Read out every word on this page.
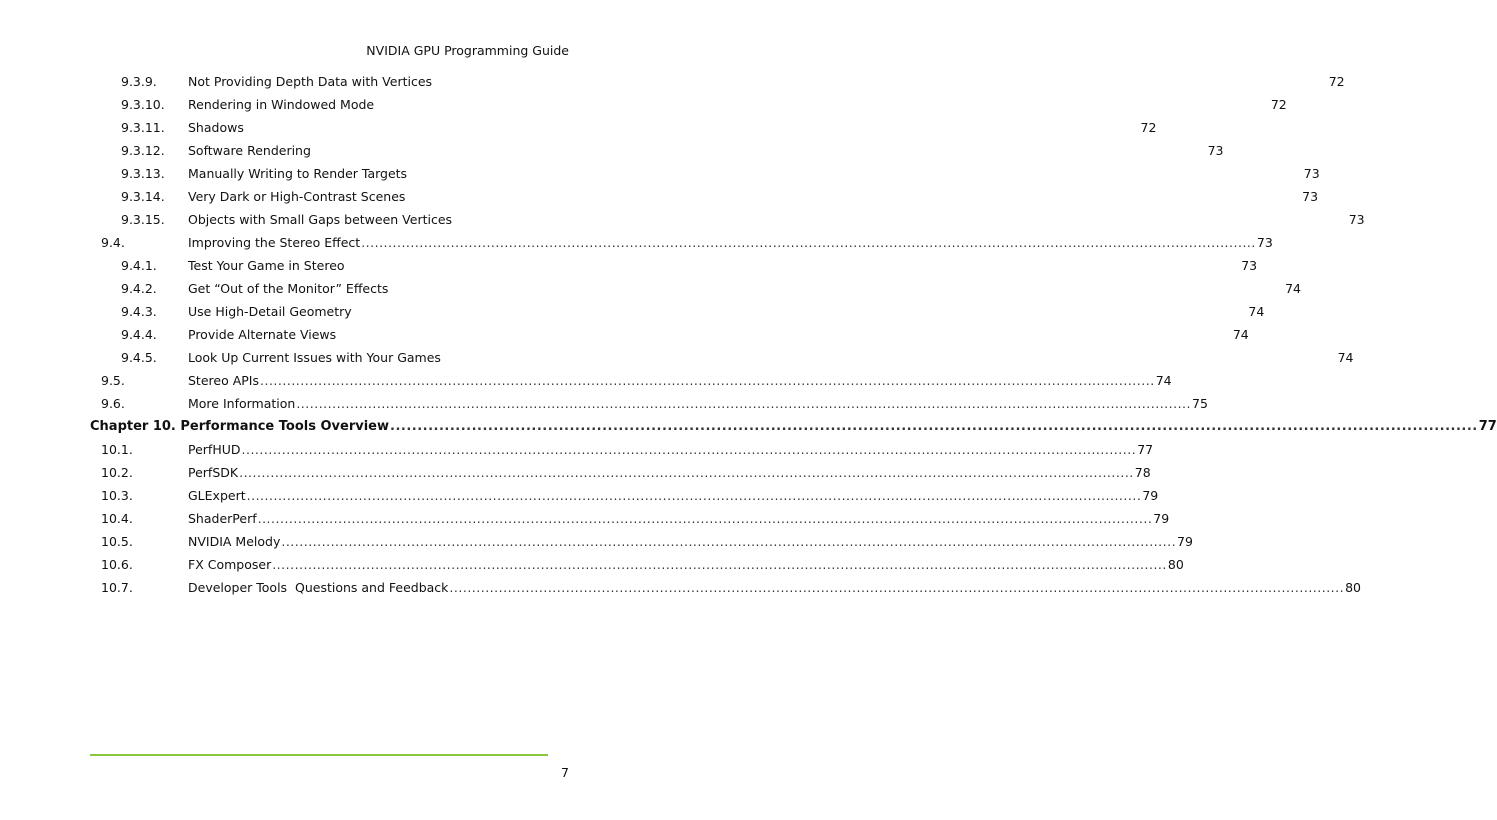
NVIDIA GPU Programming Guide
9.3.9. Not Providing Depth Data with Vertices	72
9.3.10. Rendering in Windowed Mode	72
9.3.11. Shadows	72
9.3.12. Software Rendering	73
9.3.13. Manually Writing to Render Targets	73
9.3.14. Very Dark or High-Contrast Scenes	73
9.3.15. Objects with Small Gaps between Vertices	73
9.4.	Improving the Stereo Effect ........................................................................................................................................................................................................ 73
9.4.1. Test Your Game in Stereo	73
9.4.2. Get “Out of the Monitor” Effects	74
9.4.3. Use High-Detail Geometry	74
9.4.4. Provide Alternate Views	74
9.4.5. Look Up Current Issues with Your Games	74
9.5.	Stereo APIs ........................................................................................................................................................................................................ 74
9.6.	More Information ........................................................................................................................................................................................................ 75
Chapter 10. Performance Tools Overview ........................................................................................................................................................................................................ 77
10.1.	PerfHUD ........................................................................................................................................................................................................ 77
10.2.	PerfSDK ........................................................................................................................................................................................................ 78
10.3.	GLExpert ........................................................................................................................................................................................................ 79
10.4.	ShaderPerf ........................................................................................................................................................................................................ 79
10.5.	NVIDIA Melody ........................................................................................................................................................................................................ 79
10.6.	FX Composer ........................................................................................................................................................................................................ 80
10.7.	Developer Tools  Questions and Feedback ........................................................................................................................................................................................................ 80
7
